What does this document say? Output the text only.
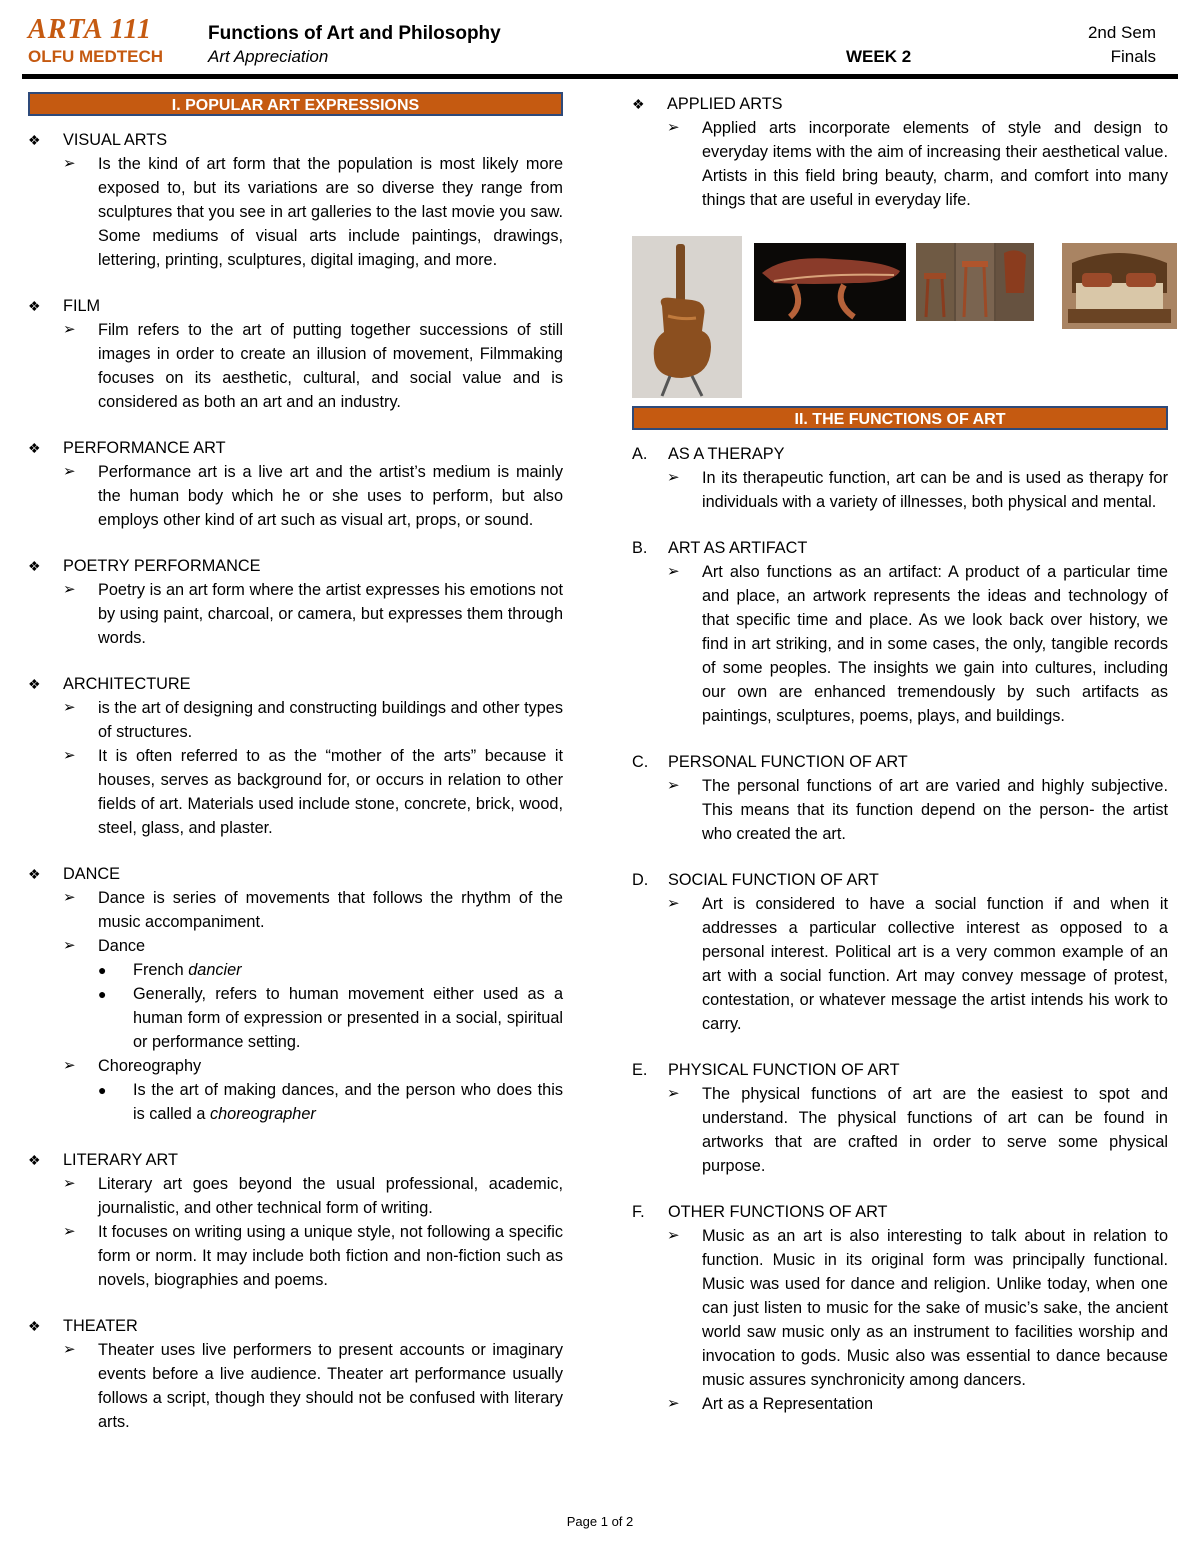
ARTA 111
OLFU MEDTECH
Functions of Art and Philosophy
Art Appreciation	WEEK 2
2nd Sem
Finals
I. POPULAR ART EXPRESSIONS
❖	VISUAL ARTS
➢	Is the kind of art form that the population is most likely more exposed to, but its variations are so diverse they range from sculptures that you see in art galleries to the last movie you saw. Some mediums of visual arts include paintings, drawings, lettering, printing, sculptures, digital imaging, and more.
❖	FILM
➢	Film refers to the art of putting together successions of still images in order to create an illusion of movement, Filmmaking focuses on its aesthetic, cultural, and social value and is considered as both an art and an industry.
❖	PERFORMANCE ART
➢	Performance art is a live art and the artist’s medium is mainly the human body which he or she uses to perform, but also employs other kind of art such as visual art, props, or sound.
❖	POETRY PERFORMANCE
➢	Poetry is an art form where the artist expresses his emotions not by using paint, charcoal, or camera, but expresses them through words.
❖	ARCHITECTURE
➢	is the art of designing and constructing buildings and other types of structures.
➢	It is often referred to as the “mother of the arts” because it houses, serves as background for, or occurs in relation to other fields of art. Materials used include stone, concrete, brick, wood, steel, glass, and plaster.
❖	DANCE
➢	Dance is series of movements that follows the rhythm of the music accompaniment.
➢	Dance
●	French dancier
●	Generally, refers to human movement either used as a human form of expression or presented in a social, spiritual or performance setting.
➢	Choreography
●	Is the art of making dances, and the person who does this is called a choreographer
❖	LITERARY ART
➢	Literary art goes beyond the usual professional, academic, journalistic, and other technical form of writing.
➢	It focuses on writing using a unique style, not following a specific form or norm. It may include both fiction and non-fiction such as novels, biographies and poems.
❖	THEATER
➢	Theater uses live performers to present accounts or imaginary events before a live audience. Theater art performance usually follows a script, though they should not be confused with literary arts.
❖	APPLIED ARTS
➢	Applied arts incorporate elements of style and design to everyday items with the aim of increasing their aesthetical value. Artists in this field bring beauty, charm, and comfort into many things that are useful in everyday life.
II. THE FUNCTIONS OF ART
A.	AS A THERAPY
➢	In its therapeutic function, art can be and is used as therapy for individuals with a variety of illnesses, both physical and mental.
B.	ART AS ARTIFACT
➢	Art also functions as an artifact: A product of a particular time and place, an artwork represents the ideas and technology of that specific time and place. As we look back over history, we find in art striking, and in some cases, the only, tangible records of some peoples. The insights we gain into cultures, including our own are enhanced tremendously by such artifacts as paintings, sculptures, poems, plays, and buildings.
C.	PERSONAL FUNCTION OF ART
➢	The personal functions of art are varied and highly subjective. This means that its function depend on the person- the artist who created the art.
D.	SOCIAL FUNCTION OF ART
➢	Art is considered to have a social function if and when it addresses a particular collective interest as opposed to a personal interest. Political art is a very common example of an art with a social function. Art may convey message of protest, contestation, or whatever message the artist intends his work to carry.
E.	PHYSICAL FUNCTION OF ART
➢	The physical functions of art are the easiest to spot and understand. The physical functions of art can be found in artworks that are crafted in order to serve some physical purpose.
F.	OTHER FUNCTIONS OF ART
➢	Music as an art is also interesting to talk about in relation to function. Music in its original form was principally functional. Music was used for dance and religion. Unlike today, when one can just listen to music for the sake of music’s sake, the ancient world saw music only as an instrument to facilities worship and invocation to gods. Music also was essential to dance because music assures synchronicity among dancers.
➢	Art as a Representation
Page 1 of 2
